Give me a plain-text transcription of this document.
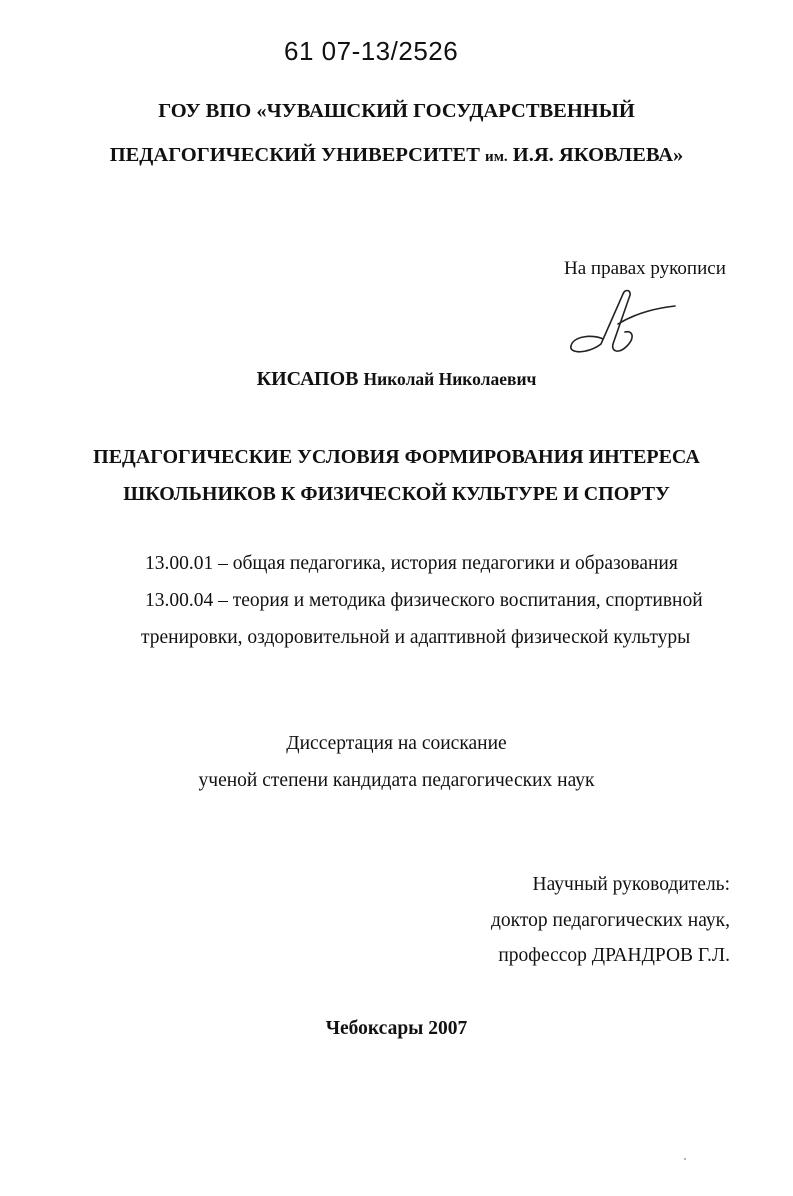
61 07-13/2526
ГОУ ВПО «ЧУВАШСКИЙ ГОСУДАРСТВЕННЫЙ
ПЕДАГОГИЧЕСКИЙ УНИВЕРСИТЕТ им. И.Я. ЯКОВЛЕВА»
На правах рукописи
КИСАПОВ Николай Николаевич
ПЕДАГОГИЧЕСКИЕ УСЛОВИЯ ФОРМИРОВАНИЯ ИНТЕРЕСА
ШКОЛЬНИКОВ К ФИЗИЧЕСКОЙ КУЛЬТУРЕ И СПОРТУ
13.00.01 – общая педагогика, история педагогики и образования
13.00.04 – теория и методика физического воспитания, спортивной
тренировки, оздоровительной и адаптивной физической культуры
Диссертация на соискание
ученой степени кандидата педагогических наук
Научный руководитель:
доктор педагогических наук,
профессор ДРАНДРОВ Г.Л.
Чебоксары 2007
